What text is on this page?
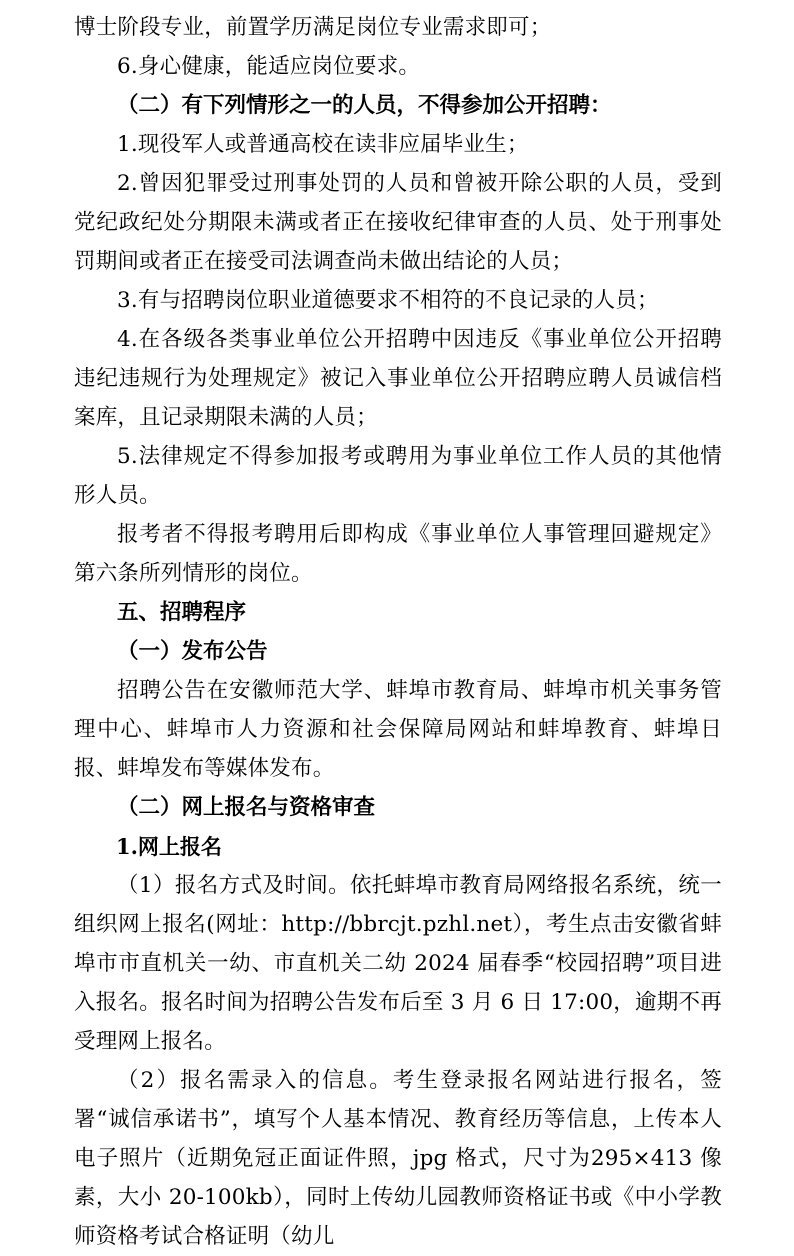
博士阶段专业，前置学历满足岗位专业需求即可；

6.身心健康，能适应岗位要求。

（二）有下列情形之一的人员，不得参加公开招聘：

1.现役军人或普通高校在读非应届毕业生；

2.曾因犯罪受过刑事处罚的人员和曾被开除公职的人员，受到党纪政纪处分期限未满或者正在接收纪律审查的人员、处于刑事处罚期间或者正在接受司法调查尚未做出结论的人员；

3.有与招聘岗位职业道德要求不相符的不良记录的人员；

4.在各级各类事业单位公开招聘中因违反《事业单位公开招聘违纪违规行为处理规定》被记入事业单位公开招聘应聘人员诚信档案库，且记录期限未满的人员；

5.法律规定不得参加报考或聘用为事业单位工作人员的其他情形人员。

报考者不得报考聘用后即构成《事业单位人事管理回避规定》第六条所列情形的岗位。

五、招聘程序

（一）发布公告

招聘公告在安徽师范大学、蚌埠市教育局、蚌埠市机关事务管理中心、蚌埠市人力资源和社会保障局网站和蚌埠教育、蚌埠日报、蚌埠发布等媒体发布。

（二）网上报名与资格审查

1.网上报名

（1）报名方式及时间。依托蚌埠市教育局网络报名系统，统一组织网上报名(网址：http://bbrcjt.pzhl.net），考生点击安徽省蚌埠市市直机关一幼、市直机关二幼 2024 届春季“校园招聘”项目进入报名。报名时间为招聘公告发布后至 3 月 6 日 17:00，逾期不再受理网上报名。

（2）报名需录入的信息。考生登录报名网站进行报名，签署“诚信承诺书”，填写个人基本情况、教育经历等信息，上传本人电子照片（近期免冠正面证件照，jpg 格式，尺寸为295×413 像素，大小 20-100kb），同时上传幼儿园教师资格证书或《中小学教师资格考试合格证明（幼儿
